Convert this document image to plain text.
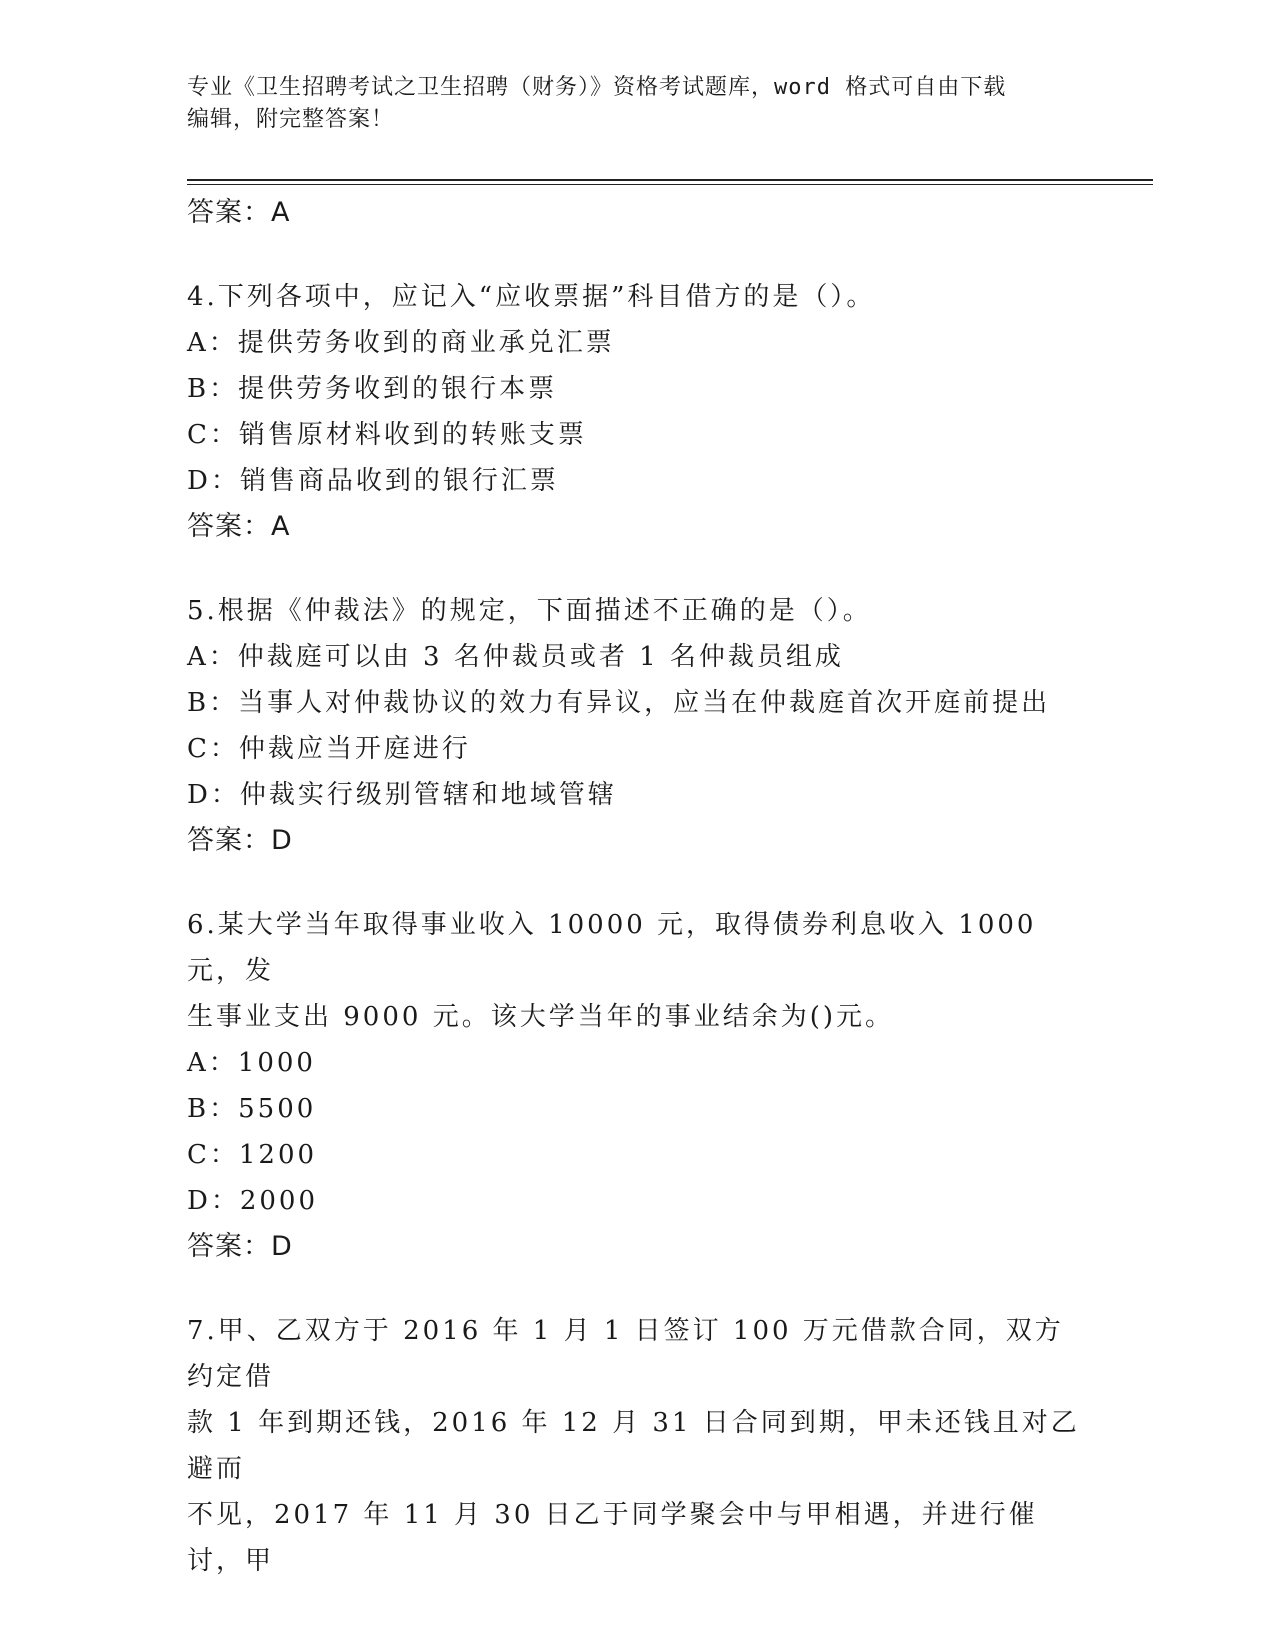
专业《卫生招聘考试之卫生招聘（财务）》资格考试题库，word 格式可自由下载
编辑，附完整答案！

答案：A

4.下列各项中，应记入“应收票据”科目借方的是（）。

A：提供劳务收到的商业承兑汇票

B：提供劳务收到的银行本票

C：销售原材料收到的转账支票

D：销售商品收到的银行汇票

答案：A

5.根据《仲裁法》的规定，下面描述不正确的是（）。

A：仲裁庭可以由 3 名仲裁员或者 1 名仲裁员组成

B：当事人对仲裁协议的效力有异议，应当在仲裁庭首次开庭前提出

C：仲裁应当开庭进行

D：仲裁实行级别管辖和地域管辖

答案：D

6.某大学当年取得事业收入 10000 元，取得债券利息收入 1000 元，发

生事业支出 9000 元。该大学当年的事业结余为()元。

A：1000

B：5500

C：1200

D：2000

答案：D

7.甲、乙双方于 2016 年 1 月 1 日签订 100 万元借款合同，双方约定借

款 1 年到期还钱，2016 年 12 月 31 日合同到期，甲未还钱且对乙避而

不见，2017 年 11 月 30 日乙于同学聚会中与甲相遇，并进行催讨，甲
